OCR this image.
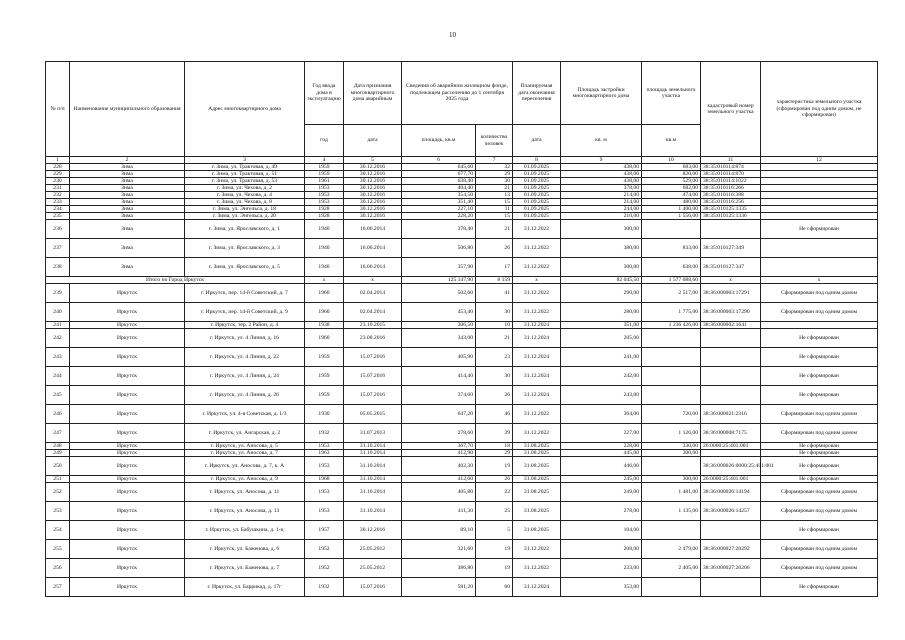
10
№ п/п	Наименование муниципального образования	Адрес многоквартирного дома	Год ввода дома в эксплуатацию	Дата признания многоквартирного дома аварийным	Сведения об аварийном жилищном фонде, подлежащем расселению до 1 сентября 2025 года		Планируемая дата окончания переселения	Площадь застройки многоквартирного дома	площадь земельного участка	кадастровый номер земельного участка	характеристика земельного участка (сформирован под одним домом, не сформирован)
			год	дата	площадь, кв.м	количество человек	дата	кв. м	кв.м		
1	2	3	4	5	6	7	8	9	10	11	12
228	Зима	г. Зима, ул. Трактовая, д. 49	1959	30.12.2016	645,60	32	01.09.2025	438,00	683,00	38:35:010114:874	
229	Зима	г. Зима, ул. Трактовая, д. 51	1959	30.12.2016	677,70	29	01.09.2025	438,00	820,00	38:35:010114:870	
230	Зима	г. Зима, ул. Трактовая, д. 53	1961	30.12.2016	638,40	30	01.09.2025	438,00	529,00	38:35:010114:1022	
231	Зима	г. Зима, ул. Чехова, д. 2	1953	30.12.2016	404,40	21	01.09.2025	378,00	682,00	38:35:010116:266	
232	Зима	г. Зима, ул. Чехова, д. 4	1953	30.12.2016	354,50	13	01.09.2025	214,00	474,00	38:35:010116:388	
233	Зима	г. Зима, ул. Чехова, д. 8	1953	30.12.2016	351,40	15	01.09.2025	214,00	480,00	38:35:010116:256	
234	Зима	г. Зима, ул. Энгельса, д. 18	1928	30.12.2016	227,10	11	01.09.2025	244,00	1 400,00	38:35:010125:1335	
235	Зима	г. Зима, ул. Энгельса, д. 20	1928	30.12.2016	228,20	15	01.09.2025	210,00	1 556,00	38:35:010125:1336	
236	Зима	г. Зима, ул. Ярославского, д. 1	1940	16.06.2014	378,40	21	31.12.2022	300,00			Не сформирован
237	Зима	г. Зима, ул. Ярославского, д. 3	1940	16.06.2014	506,80	26	31.12.2022	380,00	833,00	38:35:010127:349	
238	Зима	г. Зима, ул. Ярославского, д. 5	1940	16.06.2014	357,90	17	31.12.2022	300,00	638,00	38:35:010127:347	
Итого по Город Иркутск			x	x	125 147,90	8 159	x	82 045,50	1 577 088,60	x	x
239	Иркутск	г. Иркутск, пер. 14-й Советский, д. 7	1960	02.04.2014	502,60	41	31.12.2022	290,00	2 517,00	38:36:000003:17291	Сформирован под одним домом
240	Иркутск	г. Иркутск, пер. 14-й Советский, д. 9	1960	02.04.2014	453,40	30	31.12.2022	280,00	1 775,00	38:36:000003:17290	Сформирован под одним домом
241	Иркутск	г. Иркутск, тер. 2 Район, д. 4	1938	23.10.2015	306,50	10	31.12.2024	351,00	1 236 426,00	38:36:000002:1641	
242	Иркутск	г. Иркутск, ул. 4 Линия, д. 16	1960	23.08.2016	343,00	21	31.12.2024	205,00			Не сформирован
243	Иркутск	г. Иркутск, ул. 4 Линия, д. 22	1959	15.07.2016	405,90	23	31.12.2024	241,00			Не сформирован
244	Иркутск	г. Иркутск, ул. 4 Линия, д. 24	1959	15.07.2016	414,40	30	31.12.2024	242,00			Не сформирован
245	Иркутск	г. Иркутск, ул. 4 Линия, д. 26	1959	15.07.2016	374,60	26	31.12.2024	243,00			Не сформирован
246	Иркутск	г. Иркутск, ул. 4-я Советская, д. 1/3	1930	05.05.2015	647,20	46	31.12.2022	364,00	720,00	38:36:000021:2316	Сформирован под одним домом
247	Иркутск	г. Иркутск, ул. Ангарская, д. 2	1932	31.07.2013	278,60	39	31.12.2022	227,00	1 126,00	38:36:000008:7175	Сформирован под одним домом
248	Иркутск	г. Иркутск, ул. Аносова, д. 5	1953	31.10.2014	367,70	18	31.08.2025	228,00	330,00	26:0000:25:401:001	Не сформирован
249	Иркутск	г. Иркутск, ул. Аносова, д. 7	1963	31.10.2014	412,90	29	31.08.2025	445,00	300,00		Не сформирован
250	Иркутск	г. Иркутск, ул. Аносова, д. 7, к. А	1953	31.10.2014	402,30	19	31.08.2025	446,00		38:36:000026:0000:25:401:001	Не сформирован
251	Иркутск	г. Иркутск, ул. Аносова, д. 9	1968	31.10.2014	412,60	26	31.08.2025	245,00	300,00	26:0000:25:401:001	Не сформирован
252	Иркутск	г. Иркутск, ул. Аносова, д. 11	1953	31.10.2014	405,80	22	31.08.2025	249,00	1 481,00	38:36:000026:14194	Сформирован под одним домом
253	Иркутск	г. Иркутск, ул. Аносова, д. 13	1953	31.10.2014	411,30	25	31.08.2025	278,00	1 135,00	38:36:000026:14257	Сформирован под одним домом
254	Иркутск	г. Иркутск, ул. Бабушкина, д. 1-ц	1957	30.12.2016	89,10	5	31.08.2025	104,00			Не сформирован
255	Иркутск	г. Иркутск, ул. Баженова, д. 6	1952	25.05.2012	321,60	19	31.12.2022	208,00	2 479,00	38:36:000027:20292	Сформирован под одним домом
256	Иркутск	г. Иркутск, ул. Баженова, д. 7	1952	25.05.2012	386,80	19	31.12.2022	233,00	2 405,00	38:36:000027:20206	Сформирован под одним домом
257	Иркутск	г. Иркутск, ул. Баррикад, д. 17г	1932	15.07.2016	581,20	60	31.12.2024	353,00			Не сформирован
